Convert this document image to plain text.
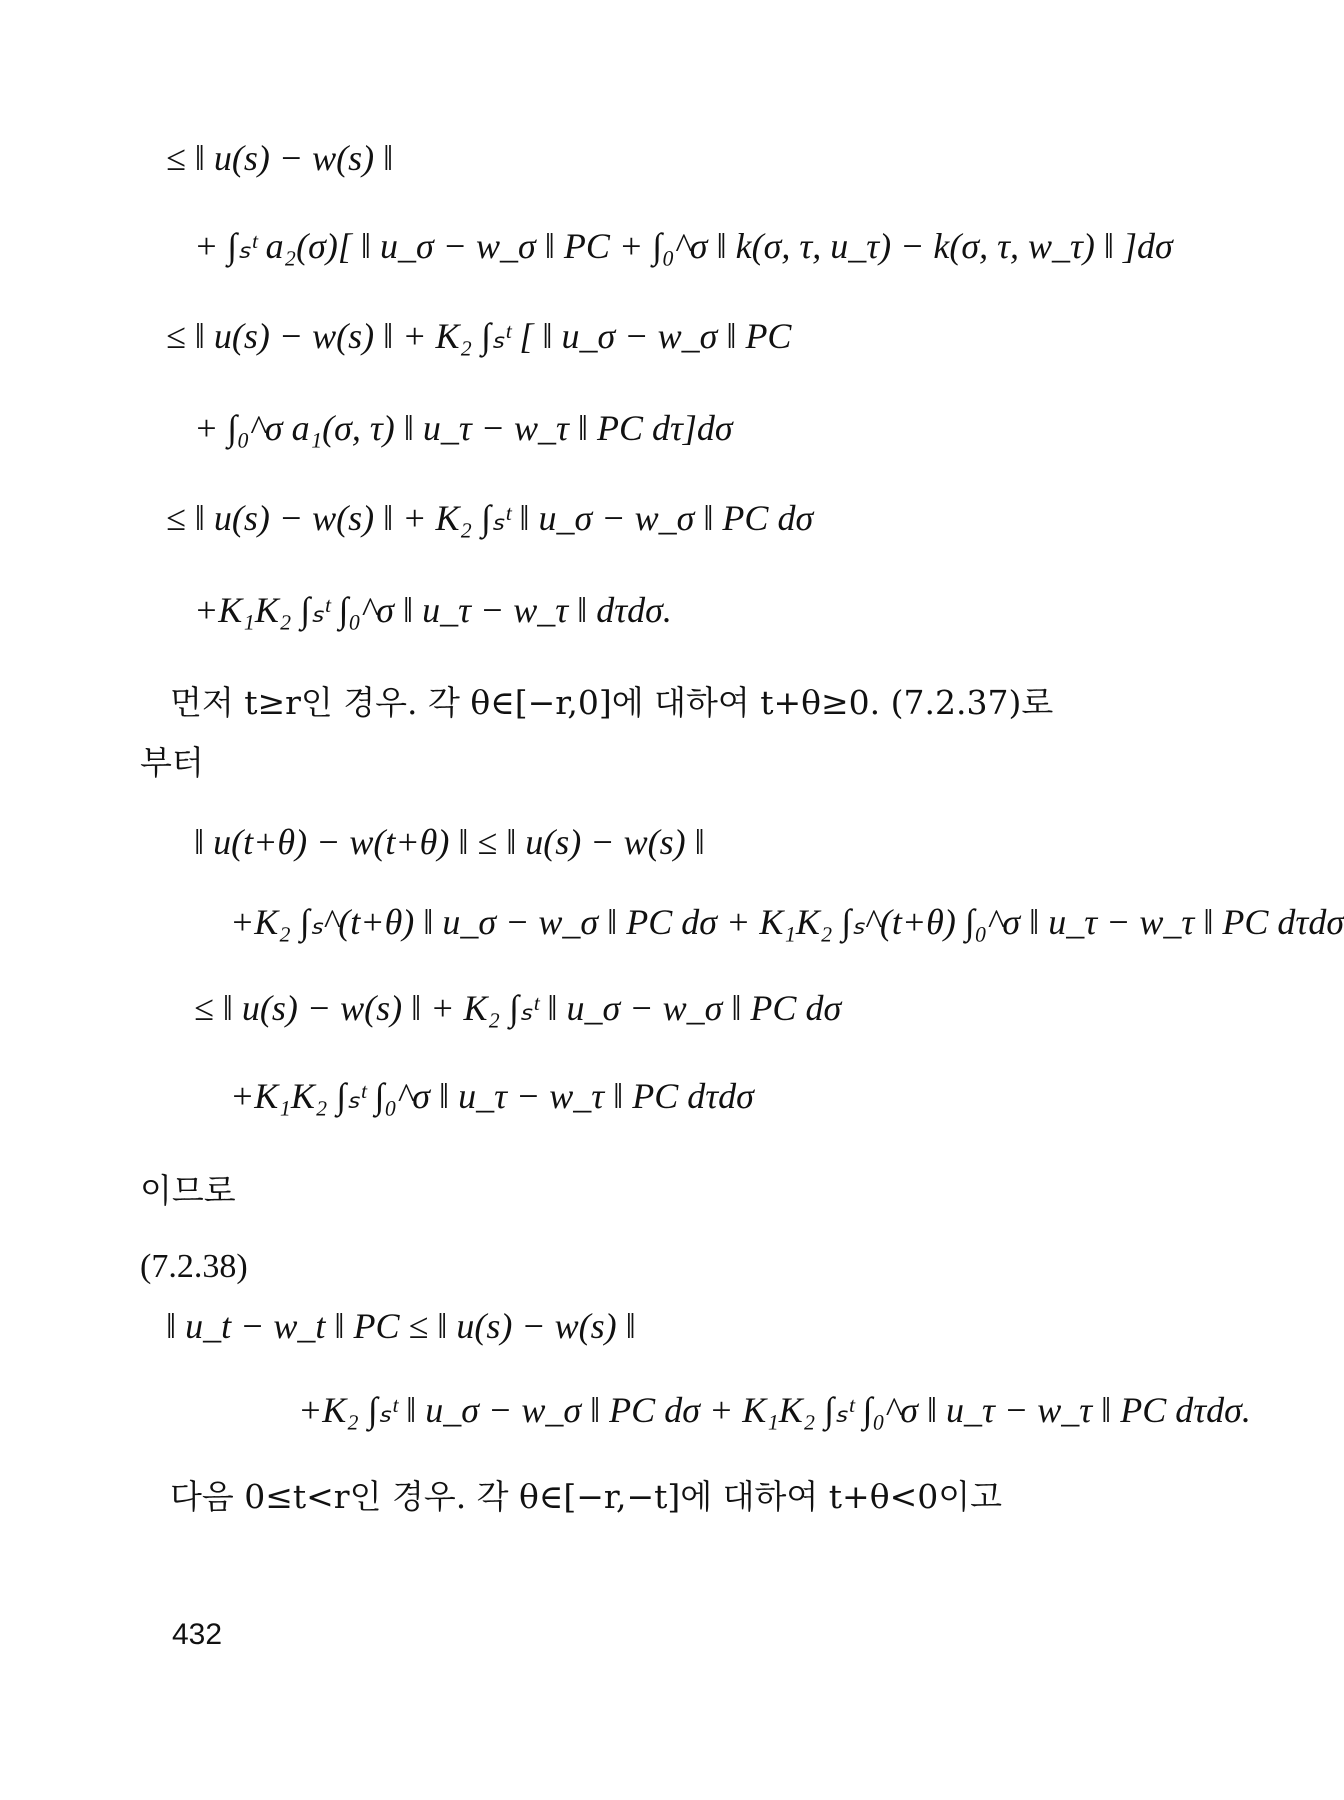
≤ ‖ u(s) − w(s) ‖
+ ∫ₛᵗ a₂(σ)[ ‖ u_σ − w_σ ‖ PC + ∫₀^σ ‖ k(σ, τ, u_τ) − k(σ, τ, w_τ) ‖ ]dσ
≤ ‖ u(s) − w(s) ‖ + K₂ ∫ₛᵗ [ ‖ u_σ − w_σ ‖ PC
+ ∫₀^σ a₁(σ, τ) ‖ u_τ − w_τ ‖ PC dτ]dσ
≤ ‖ u(s) − w(s) ‖ + K₂ ∫ₛᵗ ‖ u_σ − w_σ ‖ PC dσ
+K₁K₂ ∫ₛᵗ ∫₀^σ ‖ u_τ − w_τ ‖ dτdσ.
먼저 t≥r인 경우. 각 θ∈[−r,0]에 대하여 t+θ≥0. (7.2.37)로
부터
‖ u(t+θ) − w(t+θ) ‖ ≤ ‖ u(s) − w(s) ‖
+K₂ ∫ₛ^(t+θ) ‖ u_σ − w_σ ‖ PC dσ + K₁K₂ ∫ₛ^(t+θ) ∫₀^σ ‖ u_τ − w_τ ‖ PC dτdσ
≤ ‖ u(s) − w(s) ‖ + K₂ ∫ₛᵗ ‖ u_σ − w_σ ‖ PC dσ
+K₁K₂ ∫ₛᵗ ∫₀^σ ‖ u_τ − w_τ ‖ PC dτdσ
이므로
(7.2.38)
‖ u_t − w_t ‖ PC ≤ ‖ u(s) − w(s) ‖
+K₂ ∫ₛᵗ ‖ u_σ − w_σ ‖ PC dσ + K₁K₂ ∫ₛᵗ ∫₀^σ ‖ u_τ − w_τ ‖ PC dτdσ.
다음 0≤t<r인 경우. 각 θ∈[−r,−t]에 대하여 t+θ<0이고
432
